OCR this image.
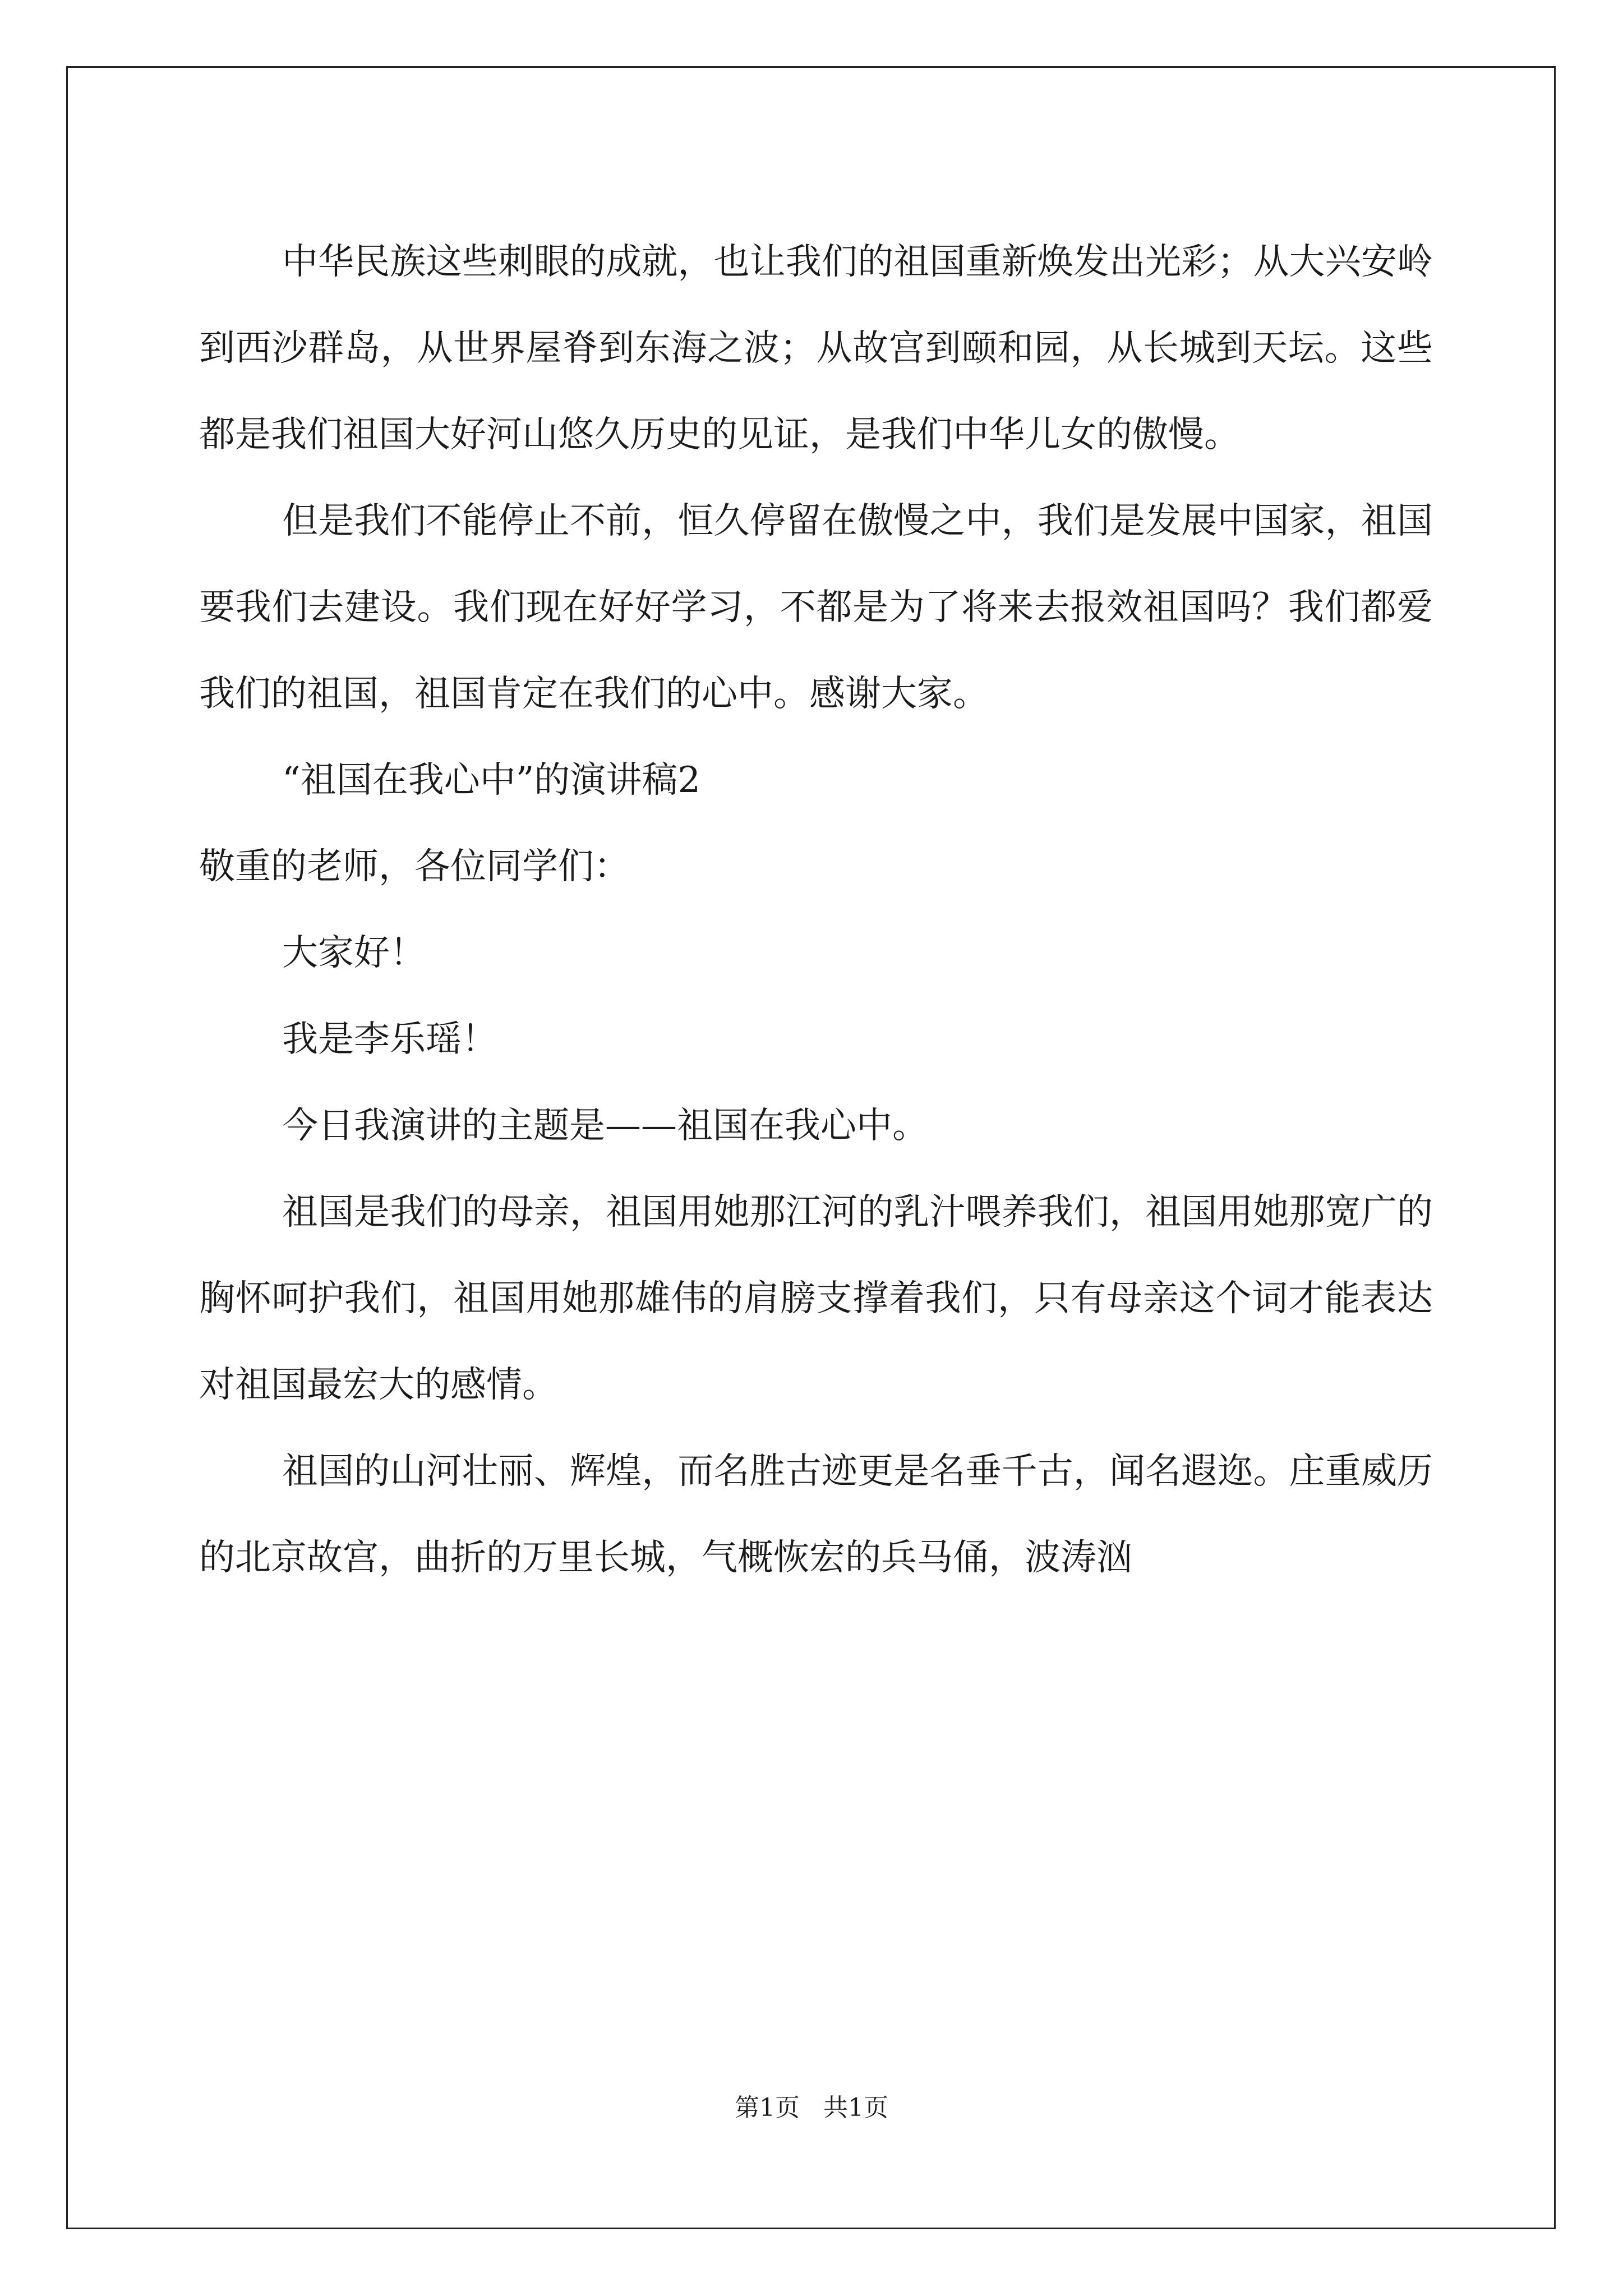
中华民族这些刺眼的成就，也让我们的祖国重新焕发出光彩；从大兴安岭到西沙群岛，从世界屋脊到东海之波；从故宫到颐和园，从长城到天坛。这些都是我们祖国大好河山悠久历史的见证，是我们中华儿女的傲慢。

但是我们不能停止不前，恒久停留在傲慢之中，我们是发展中国家，祖国要我们去建设。我们现在好好学习，不都是为了将来去报效祖国吗？我们都爱我们的祖国，祖国肯定在我们的心中。感谢大家。

“祖国在我心中”的演讲稿2

敬重的老师，各位同学们：

大家好！

我是李乐瑶！

今日我演讲的主题是——祖国在我心中。

祖国是我们的母亲，祖国用她那江河的乳汁喂养我们，祖国用她那宽广的胸怀呵护我们，祖国用她那雄伟的肩膀支撑着我们，只有母亲这个词才能表达对祖国最宏大的感情。

祖国的山河壮丽、辉煌，而名胜古迹更是名垂千古，闻名遐迩。庄重威历的北京故宫，曲折的万里长城，气概恢宏的兵马俑，波涛汹

第1页   共1页
